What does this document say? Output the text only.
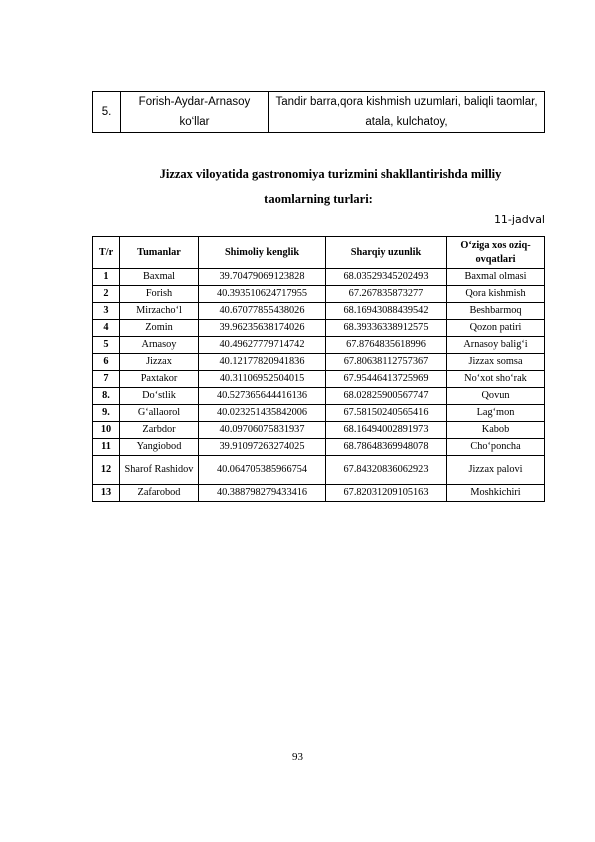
5.	Forish-Aydar-Arnasoy ko‘llar	Tandir barra,qora kishmish uzumlari, baliqli taomlar, atala, kulchatoy,
Jizzax viloyatida gastronomiya turizmini shakllantirishda milliy
taomlarning turlari:
11-jadval
T/r	Tumanlar	Shimoliy kenglik	Sharqiy uzunlik	O‘ziga xos oziq-ovqatlari
1	Baxmal	39.70479069123828	68.03529345202493	Baxmal olmasi
2	Forish	40.393510624717955	67.267835873277	Qora kishmish
3	Mirzacho‘l	40.67077855438026	68.16943088439542	Beshbarmoq
4	Zomin	39.96235638174026	68.39336338912575	Qozon patiri
5	Arnasoy	40.49627779714742	67.8764835618996	Arnasoy balig‘i
6	Jizzax	40.12177820941836	67.80638112757367	Jizzax somsa
7	Paxtakor	40.31106952504015	67.95446413725969	No‘xot sho‘rak
8.	Do‘stlik	40.527365644416136	68.02825900567747	Qovun
9.	G‘allaorol	40.023251435842006	67.58150240565416	Lag‘mon
10	Zarbdor	40.09706075831937	68.16494002891973	Kabob
11	Yangiobod	39.91097263274025	68.78648369948078	Cho‘poncha
12	Sharof Rashidov	40.064705385966754	67.84320836062923	Jizzax palovi
13	Zafarobod	40.388798279433416	67.82031209105163	Moshkichiri
93
